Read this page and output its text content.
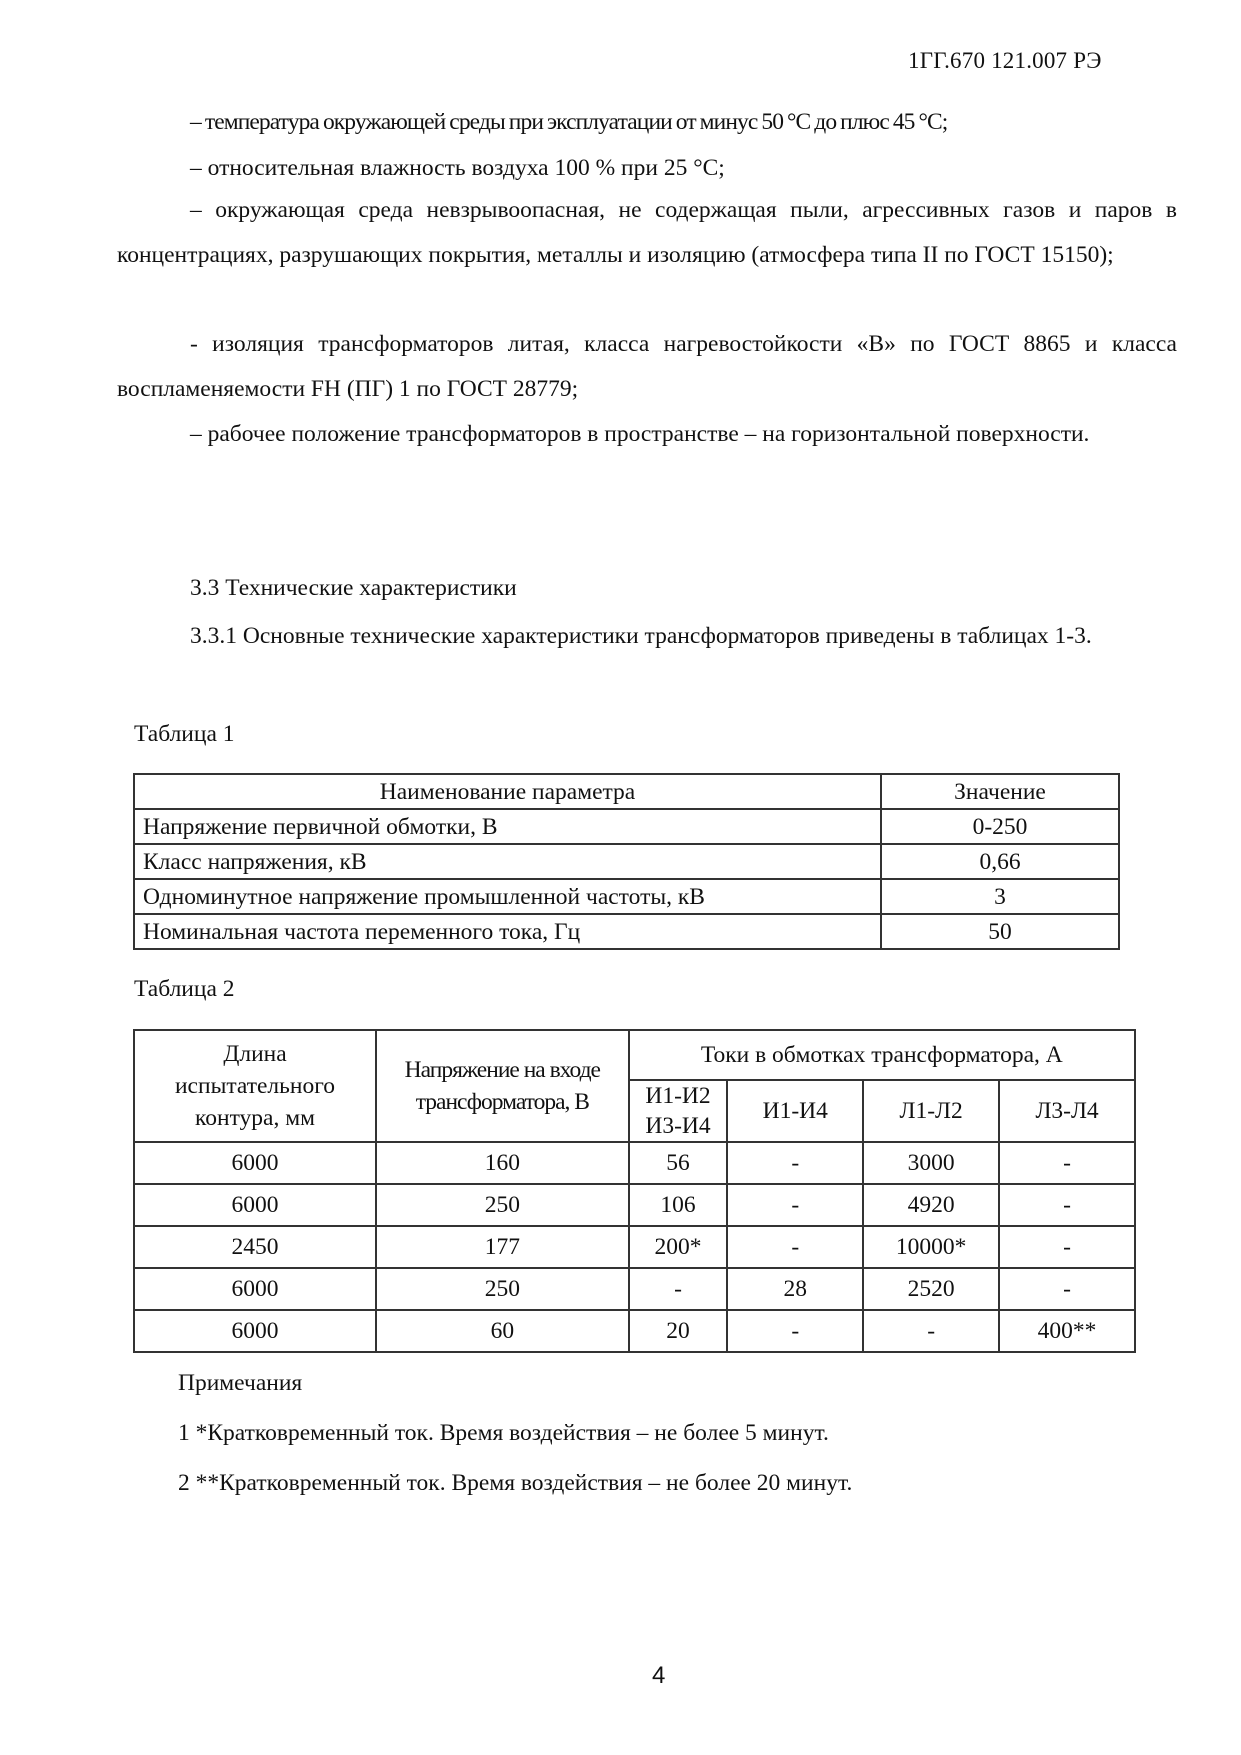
1ГГ.670 121.007 РЭ
– температура окружающей среды при эксплуатации от минус 50 °С до плюс 45 °С;
– относительная влажность воздуха 100 % при 25 °С;
– окружающая среда невзрывоопасная, не содержащая пыли, агрессивных газов и паров в концентрациях, разрушающих покрытия, металлы и изоляцию (атмосфера типа II по ГОСТ 15150);
- изоляция трансформаторов литая, класса нагревостойкости «В» по ГОСТ 8865 и класса воспламеняемости FH (ПГ) 1 по ГОСТ 28779;
– рабочее положение трансформаторов в пространстве – на горизонтальной поверхности.
3.3 Технические характеристики
3.3.1 Основные технические характеристики трансформаторов приведены в таблицах 1-3.
Таблица 1
Наименование параметра	Значение
Напряжение первичной обмотки, В	0-250
Класс напряжения, кВ	0,66
Одноминутное напряжение промышленной частоты, кВ	3
Номинальная частота переменного тока, Гц	50
Таблица 2
Длина испытательного контура, мм	Напряжение на входе трансформатора, В	Токи в обмотках трансформатора, А			
		И1-И2 И3-И4	И1-И4	Л1-Л2	Л3-Л4
6000	160	56	-	3000	-
6000	250	106	-	4920	-
2450	177	200*	-	10000*	-
6000	250	-	28	2520	-
6000	60	20	-	-	400**
Примечания
1 *Кратковременный ток. Время воздействия – не более 5 минут.
2 **Кратковременный ток. Время воздействия – не более 20 минут.
4
